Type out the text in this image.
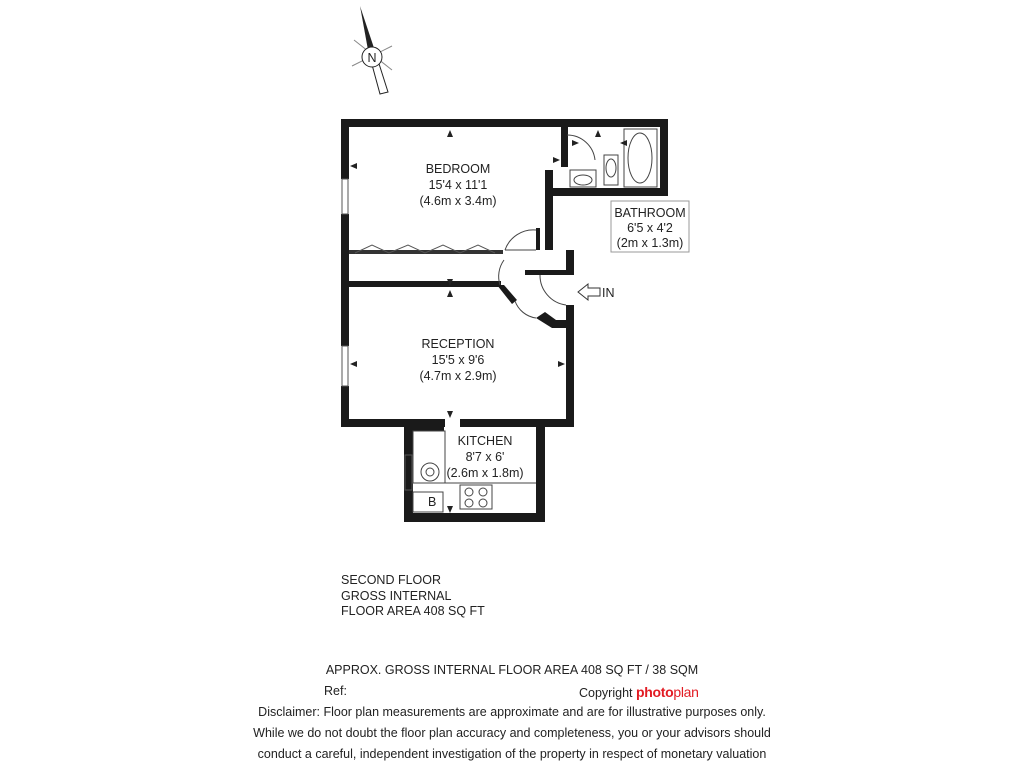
N
IN
BEDROOM
15'4 x 11'1
(4.6m x 3.4m)
BATHROOM
6'5 x 4'2
(2m x 1.3m)
RECEPTION
15'5 x 9'6
(4.7m x 2.9m)
KITCHEN
8'7 x 6'
(2.6m x 1.8m)
B
SECOND FLOOR
GROSS INTERNAL
FLOOR AREA 408 SQ FT
APPROX. GROSS INTERNAL FLOOR AREA 408 SQ FT / 38 SQM
Ref:	Copyright photoplan
Disclaimer: Floor plan measurements are approximate and are for illustrative purposes only.
While we do not doubt the floor plan accuracy and completeness, you or your advisors should
conduct a careful, independent investigation of the property in respect of monetary valuation
